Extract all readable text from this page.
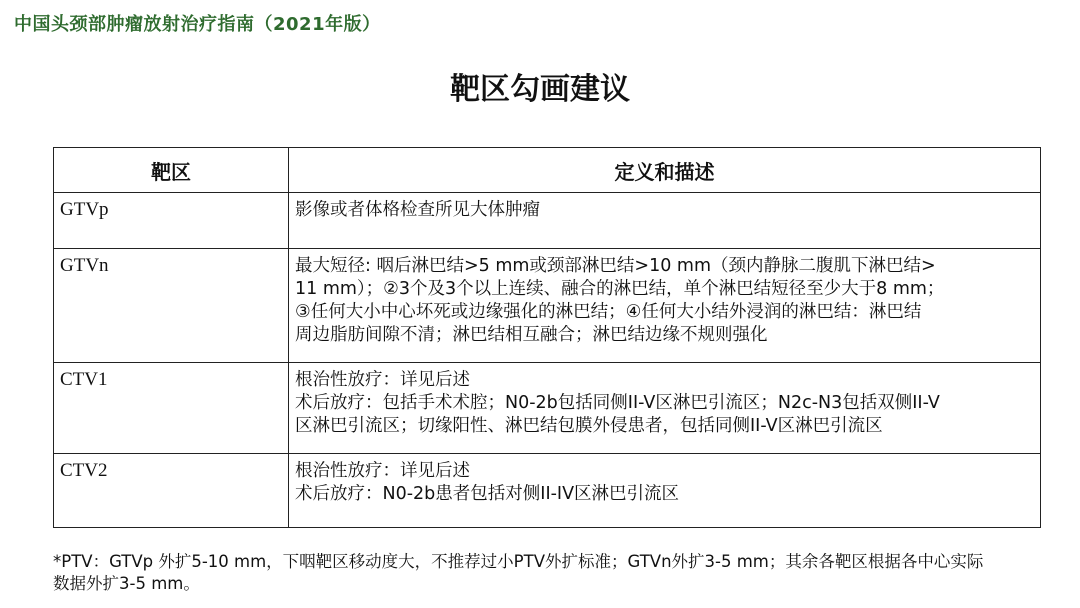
中国头颈部肿瘤放射治疗指南（2021年版）
靶区勾画建议
靶区	定义和描述
GTVp	影像或者体格检查所见大体肿瘤

GTVn	最大短径: 咽后淋巴结>5 mm或颈部淋巴结>10 mm（颈内静脉二腹肌下淋巴结>
11 mm）；②3个及3个以上连续、融合的淋巴结，单个淋巴结短径至少大于8 mm；
③任何大小中心坏死或边缘强化的淋巴结；④任何大小结外浸润的淋巴结：淋巴结
周边脂肪间隙不清；淋巴结相互融合；淋巴结边缘不规则强化

CTV1	根治性放疗：详见后述
术后放疗：包括手术术腔；N0-2b包括同侧II-V区淋巴引流区；N2c-N3包括双侧II-V
区淋巴引流区；切缘阳性、淋巴结包膜外侵患者，包括同侧II-V区淋巴引流区

CTV2	根治性放疗：详见后述
术后放疗：N0-2b患者包括对侧II-IV区淋巴引流区
*PTV：GTVp 外扩5-10 mm，下咽靶区移动度大，不推荐过小PTV外扩标准；GTVn外扩3-5 mm；其余各靶区根据各中心实际
数据外扩3-5 mm。
